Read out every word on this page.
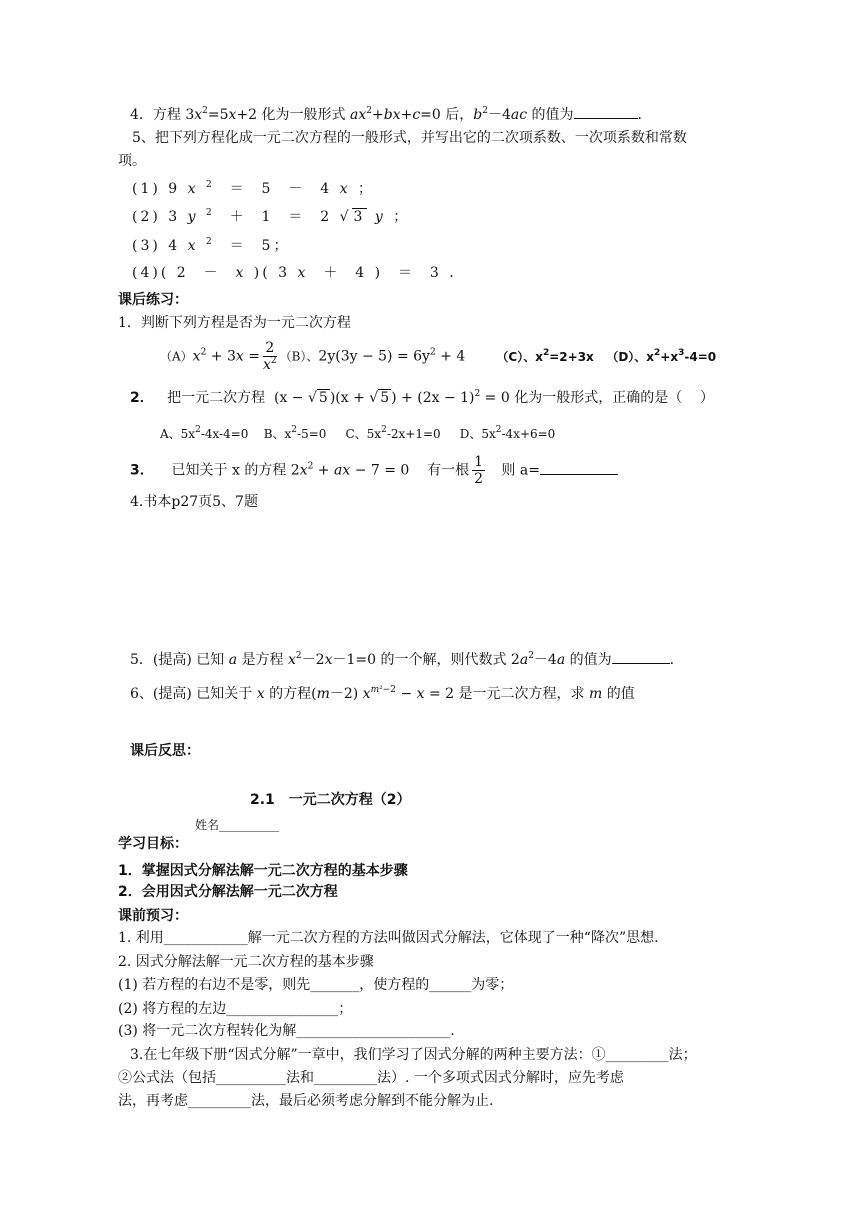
4．方程 $3x^2=5x+2$ 化为一般形式 $ax^2+bx+c=0$ 后，$b^2-4ac$ 的值为	.
5、把下列方程化成一元二次方程的一般形式，并写出它的二次项系数、一次项系数和常数
项。
(1) 9 x $^2$  ＝  5  －  4 x ；
(2) 3 y $^2$  ＋  1  ＝  2 √ 3 y ；
(3) 4 x $^2$  ＝  5；
(4)( 2  －  x )( 3 x  ＋  4 )  ＝  3 .
课后练习：
1．判断下列方程是否为一元二次方程
$(A)x^2 + 3x = \frac{2}{x^2} (B)$、$2y(3y - 5) = 6y^2 + 4$       （C）、$x^2=2+3x$   （D）、$x^2+x^3-4=0$
2．   把一元二次方程  (x − √ 5 )(x + √ 5 ) + $(2x - 1)^2 = 0$ 化为一般形式，正确的是（    ）
A、$5x^2-4x-4=0$    B、$x^2-5=0$     C、$5x^2-2x+1=0$     D、$5x^2-4x+6=0$
3．    已知关于 x 的方程 $2x^2$ + ax − 7 = 0    有一根 $\frac{1}{2}$ 则 a=
4.书本p27页5、7题
5．(提高) 已知 a 是方程 $x^2-2x-1=0$ 的一个解，则代数式 $2a^2-4a$ 的值为	.
6、(提高) 已知关于 x 的方程(m－2) $x^{m^2-2} - x = 2$ 是一元二次方程，求 m 的值
课后反思：
2.1　一元二次方程（2）
姓名__________
学习目标：
1．掌握因式分解法解一元二次方程的基本步骤
2．会用因式分解法解一元二次方程
课前预习：
1. 利用____________解一元二次方程的方法叫做因式分解法，它体现了一种“降次”思想.
2. 因式分解法解一元二次方程的基本步骤
(1) 若方程的右边不是零，则先_______，使方程的______为零；
(2) 将方程的左边________________；
(3) 将一元二次方程转化为解______________________.
3.在七年级下册“因式分解”一章中，我们学习了因式分解的两种主要方法：①_________法；
②公式法（包括__________法和_________法）. 一个多项式因式分解时，应先考虑
法，再考虑_________法，最后必须考虑分解到不能分解为止.
